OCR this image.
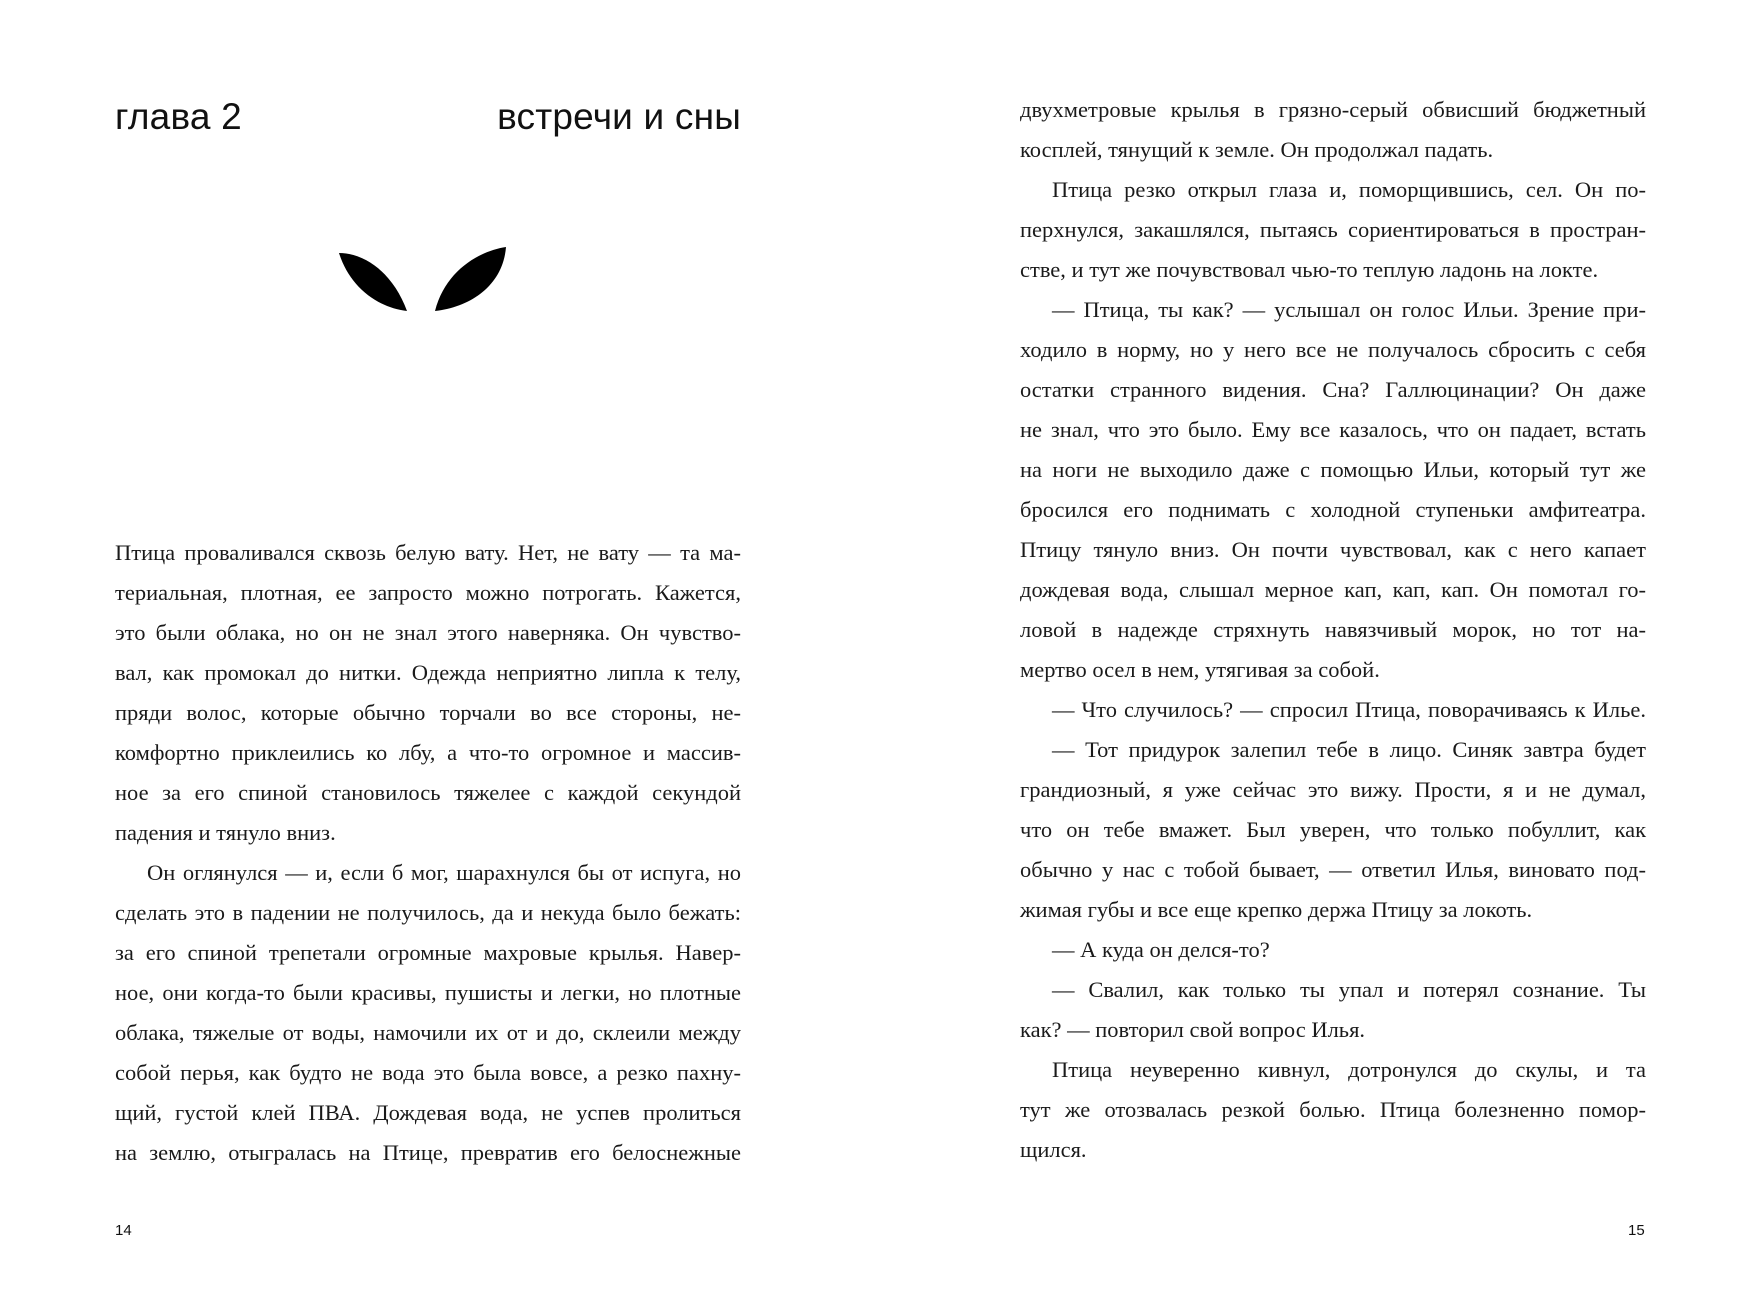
глава 2	встречи и сны
Птица проваливался сквозь белую вату. Нет, не вату — та ма-
териальная, плотная, ее запросто можно потрогать. Кажется,
это были облака, но он не знал этого наверняка. Он чувство-
вал, как промокал до нитки. Одежда неприятно липла к телу,
пряди волос, которые обычно торчали во все стороны, не-
комфортно приклеились ко лбу, а что-то огромное и массив-
ное за его спиной становилось тяжелее с каждой секундой
падения и тянуло вниз.
Он оглянулся — и, если б мог, шарахнулся бы от испуга, но
сделать это в падении не получилось, да и некуда было бежать:
за его спиной трепетали огромные махровые крылья. Навер-
ное, они когда-то были красивы, пушисты и легки, но плотные
облака, тяжелые от воды, намочили их от и до, склеили между
собой перья, как будто не вода это была вовсе, а резко пахну-
щий, густой клей ПВА. Дождевая вода, не успев пролиться
на землю, отыгралась на Птице, превратив его белоснежные
14
двухметровые крылья в грязно-серый обвисший бюджетный
косплей, тянущий к земле. Он продолжал падать.
Птица резко открыл глаза и, поморщившись, сел. Он по-
перхнулся, закашлялся, пытаясь сориентироваться в простран-
стве, и тут же почувствовал чью-то теплую ладонь на локте.
— Птица, ты как? — услышал он голос Ильи. Зрение при-
ходило в норму, но у него все не получалось сбросить с себя
остатки странного видения. Сна? Галлюцинации? Он даже
не знал, что это было. Ему все казалось, что он падает, встать
на ноги не выходило даже с помощью Ильи, который тут же
бросился его поднимать с холодной ступеньки амфитеатра.
Птицу тянуло вниз. Он почти чувствовал, как с него капает
дождевая вода, слышал мерное кап, кап, кап. Он помотал го-
ловой в надежде стряхнуть навязчивый морок, но тот на-
мертво осел в нем, утягивая за собой.
— Что случилось? — спросил Птица, поворачиваясь к Илье.
— Тот придурок залепил тебе в лицо. Синяк завтра будет
грандиозный, я уже сейчас это вижу. Прости, я и не думал,
что он тебе вмажет. Был уверен, что только побуллит, как
обычно у нас с тобой бывает, — ответил Илья, виновато под-
жимая губы и все еще крепко держа Птицу за локоть.
— А куда он делся-то?
— Свалил, как только ты упал и потерял сознание. Ты
как? — повторил свой вопрос Илья.
Птица неуверенно кивнул, дотронулся до скулы, и та
тут же отозвалась резкой болью. Птица болезненно помор-
щился.
15
